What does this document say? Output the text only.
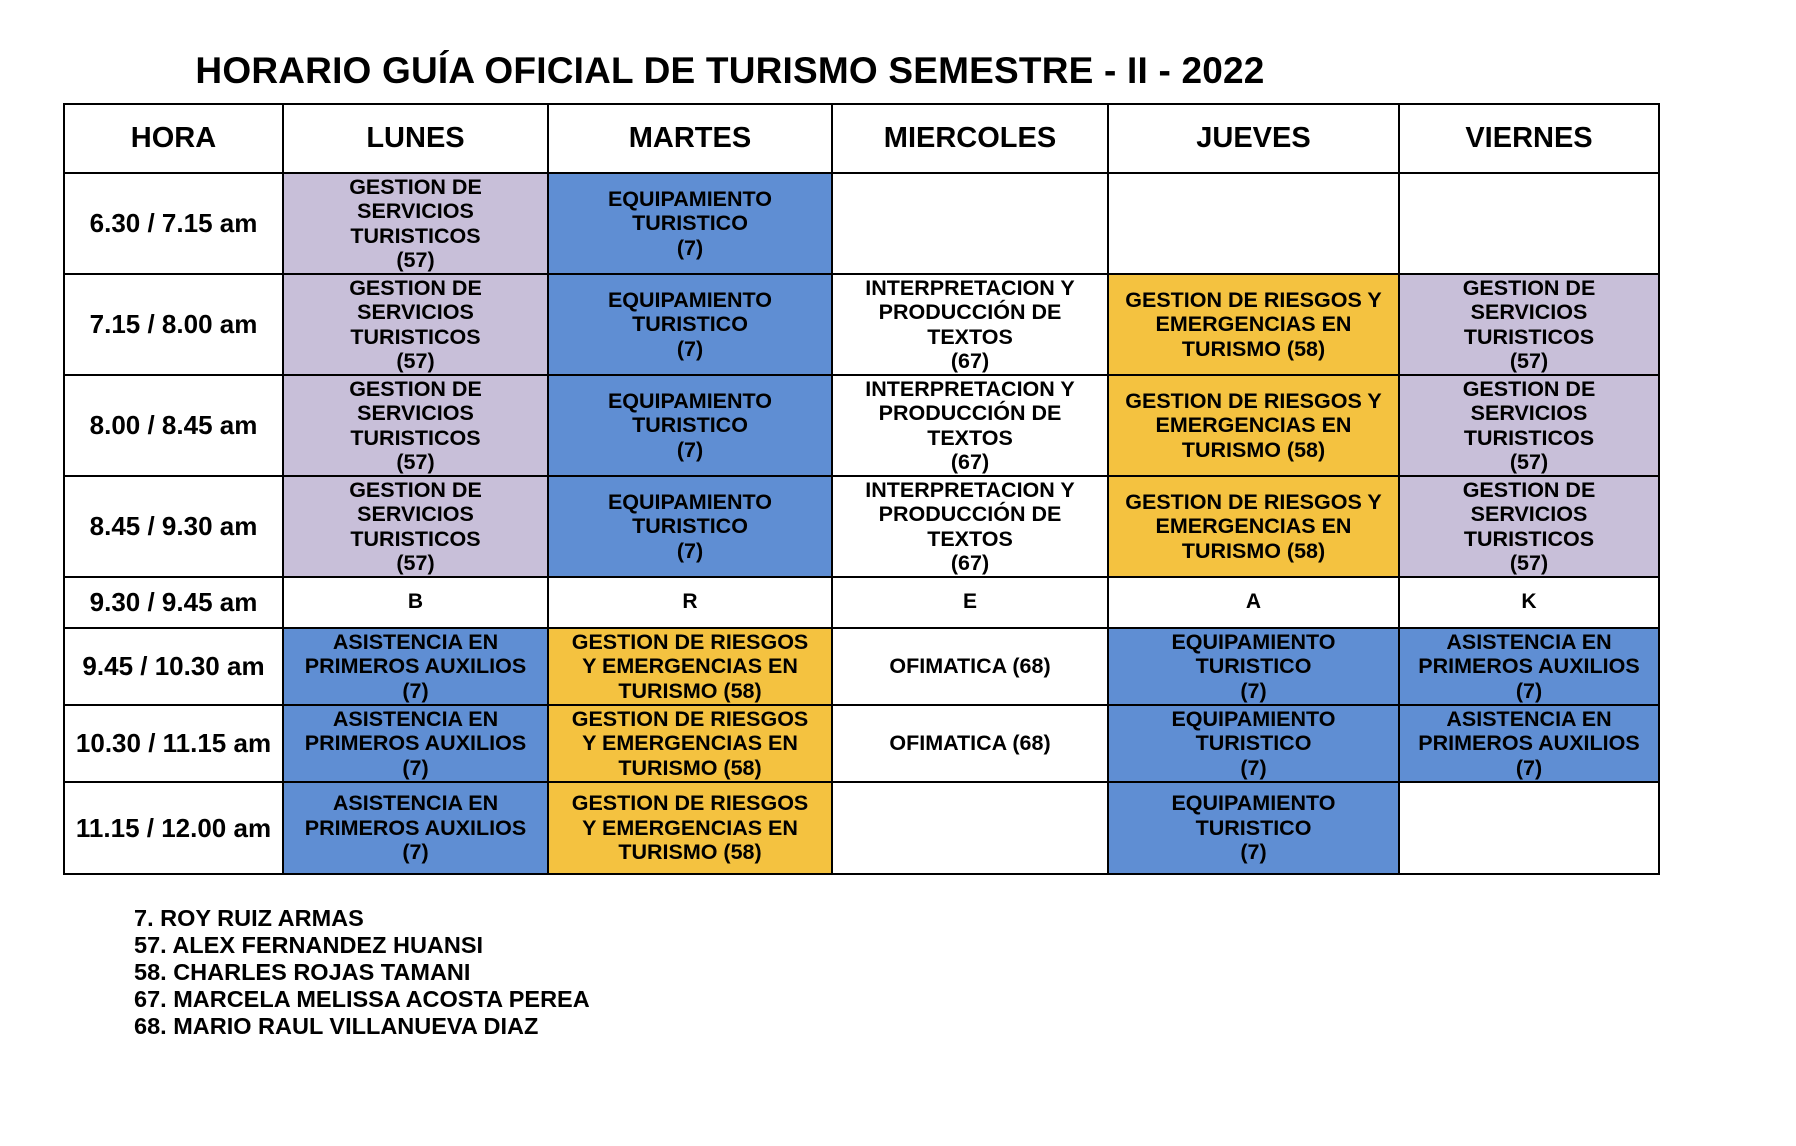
HORARIO GUÍA OFICIAL DE TURISMO SEMESTRE - II - 2022
HORA	LUNES	MARTES	MIERCOLES	JUEVES	VIERNES
6.30 / 7.15 am	GESTION DE
SERVICIOS
TURISTICOS
(57)	EQUIPAMIENTO
TURISTICO
(7)			

7.15 / 8.00 am	GESTION DE
SERVICIOS
TURISTICOS
(57)	EQUIPAMIENTO
TURISTICO
(7)	INTERPRETACION Y
PRODUCCIÓN DE
TEXTOS
(67)	GESTION DE RIESGOS Y
EMERGENCIAS EN
TURISMO (58)	GESTION DE
SERVICIOS
TURISTICOS
(57)

8.00 / 8.45 am	GESTION DE
SERVICIOS
TURISTICOS
(57)	EQUIPAMIENTO
TURISTICO
(7)	INTERPRETACION Y
PRODUCCIÓN DE
TEXTOS
(67)	GESTION DE RIESGOS Y
EMERGENCIAS EN
TURISMO (58)	GESTION DE
SERVICIOS
TURISTICOS
(57)

8.45 / 9.30 am	GESTION DE
SERVICIOS
TURISTICOS
(57)	EQUIPAMIENTO
TURISTICO
(7)	INTERPRETACION Y
PRODUCCIÓN DE
TEXTOS
(67)	GESTION DE RIESGOS Y
EMERGENCIAS EN
TURISMO (58)	GESTION DE
SERVICIOS
TURISTICOS
(57)

9.30 / 9.45 am	B	R	E	A	K

9.45 / 10.30 am	ASISTENCIA EN
PRIMEROS AUXILIOS
(7)	GESTION DE RIESGOS
Y EMERGENCIAS EN
TURISMO (58)	OFIMATICA (68)	EQUIPAMIENTO
TURISTICO
(7)	ASISTENCIA EN
PRIMEROS AUXILIOS
(7)

10.30 / 11.15 am	ASISTENCIA EN
PRIMEROS AUXILIOS
(7)	GESTION DE RIESGOS
Y EMERGENCIAS EN
TURISMO (58)	OFIMATICA (68)	EQUIPAMIENTO
TURISTICO
(7)	ASISTENCIA EN
PRIMEROS AUXILIOS
(7)

11.15 / 12.00 am	ASISTENCIA EN
PRIMEROS AUXILIOS
(7)	GESTION DE RIESGOS
Y EMERGENCIAS EN
TURISMO (58)		EQUIPAMIENTO
TURISTICO
(7)	

7. ROY RUIZ ARMAS
57. ALEX FERNANDEZ HUANSI
58. CHARLES ROJAS TAMANI
67. MARCELA MELISSA ACOSTA PEREA
68. MARIO RAUL VILLANUEVA DIAZ
